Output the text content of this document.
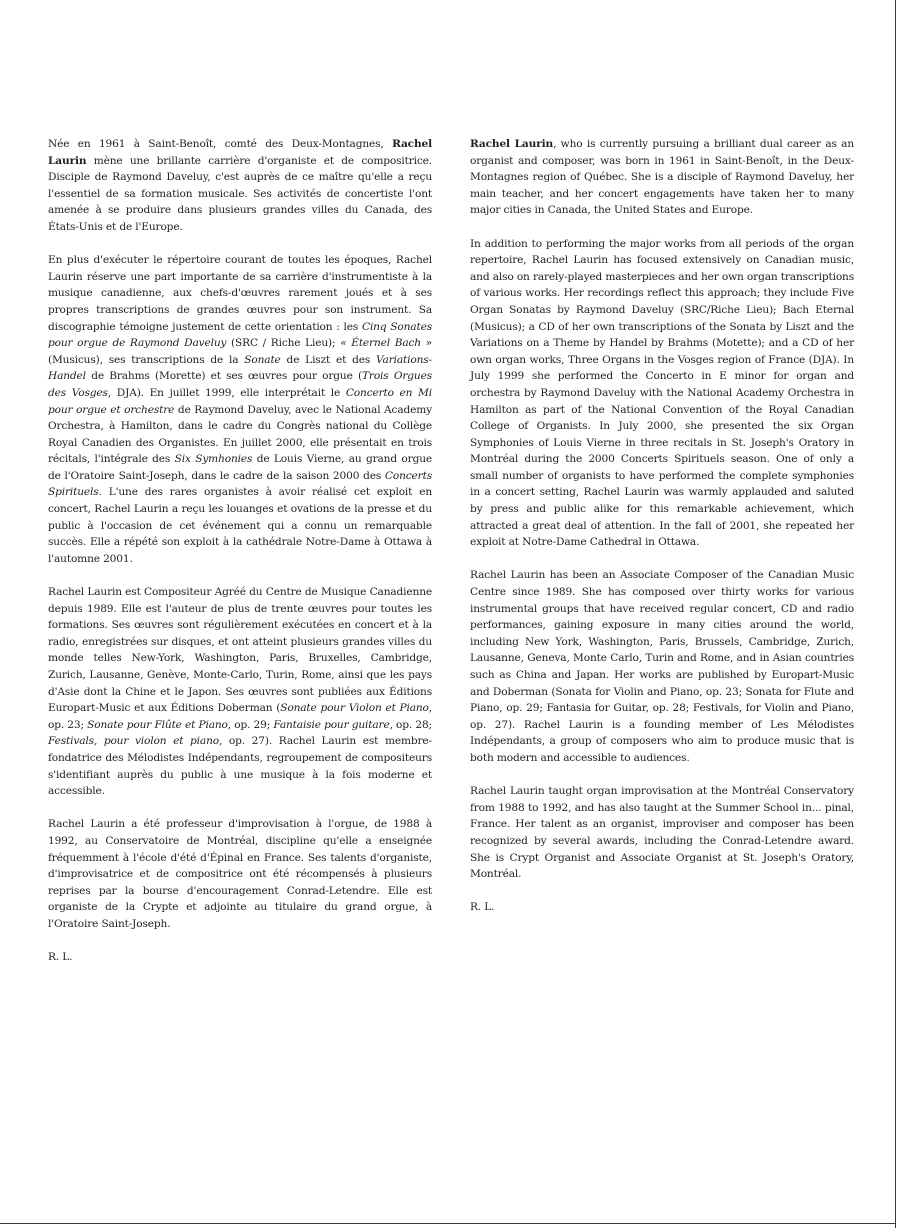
Née en 1961 à Saint-Benoît, comté des Deux-Montagnes, Rachel Laurin mène une brillante carrière d'organiste et de compositrice. Disciple de Raymond Daveluy, c'est auprès de ce maître qu'elle a reçu l'essentiel de sa formation musicale. Ses activités de concertiste l'ont amenée à se produire dans plusieurs grandes villes du Canada, des États-Unis et de l'Europe.

En plus d'exécuter le répertoire courant de toutes les époques, Rachel Laurin réserve une part importante de sa carrière d'instrumentiste à la musique canadienne, aux chefs-d'œuvres rarement joués et à ses propres transcriptions de grandes œuvres pour son instrument. Sa discographie témoigne justement de cette orientation : les Cinq Sonates pour orgue de Raymond Daveluy (SRC / Riche Lieu); « Éternel Bach » (Musicus), ses transcriptions de la Sonate de Liszt et des Variations-Handel de Brahms (Morette) et ses œuvres pour orgue (Trois Orgues des Vosges, DJA). En juillet 1999, elle interprétait le Concerto en Mi pour orgue et orchestre de Raymond Daveluy, avec le National Academy Orchestra, à Hamilton, dans le cadre du Congrès national du Collège Royal Canadien des Organistes. En juillet 2000, elle présentait en trois récitals, l'intégrale des Six Symhonies de Louis Vierne, au grand orgue de l'Oratoire Saint-Joseph, dans le cadre de la saison 2000 des Concerts Spirituels. L'une des rares organistes à avoir réalisé cet exploit en concert, Rachel Laurin a reçu les louanges et ovations de la presse et du public à l'occasion de cet événement qui a connu un remarquable succès. Elle a répété son exploit à la cathédrale Notre-Dame à Ottawa à l'automne 2001.

Rachel Laurin est Compositeur Agréé du Centre de Musique Canadienne depuis 1989. Elle est l'auteur de plus de trente œuvres pour toutes les formations. Ses œuvres sont régulièrement exécutées en concert et à la radio, enregistrées sur disques, et ont atteint plusieurs grandes villes du monde telles New-York, Washington, Paris, Bruxelles, Cambridge, Zurich, Lausanne, Genève, Monte-Carlo, Turin, Rome, ainsi que les pays d'Asie dont la Chine et le Japon. Ses œuvres sont publiées aux Éditions Europart-Music et aux Éditions Doberman (Sonate pour Violon et Piano, op. 23; Sonate pour Flûte et Piano, op. 29; Fantaisie pour guitare, op. 28; Festivals, pour violon et piano, op. 27). Rachel Laurin est membre-fondatrice des Mélodistes Indépendants, regroupement de compositeurs s'identifiant auprès du public à une musique à la fois moderne et accessible.

Rachel Laurin a été professeur d'improvisation à l'orgue, de 1988 à 1992, au Conservatoire de Montréal, discipline qu'elle a enseignée fréquemment à l'école d'été d'Épinal en France. Ses talents d'organiste, d'improvisatrice et de compositrice ont été récompensés à plusieurs reprises par la bourse d'encouragement Conrad-Letendre. Elle est organiste de la Crypte et adjointe au titulaire du grand orgue, à l'Oratoire Saint-Joseph.

R. L.

Rachel Laurin, who is currently pursuing a brilliant dual career as an organist and composer, was born in 1961 in Saint-Benoît, in the Deux-Montagnes region of Québec. She is a disciple of Raymond Daveluy, her main teacher, and her concert engagements have taken her to many major cities in Canada, the United States and Europe.

In addition to performing the major works from all periods of the organ repertoire, Rachel Laurin has focused extensively on Canadian music, and also on rarely-played masterpieces and her own organ transcriptions of various works. Her recordings reflect this approach; they include Five Organ Sonatas by Raymond Daveluy (SRC/Riche Lieu); Bach Eternal (Musicus); a CD of her own transcriptions of the Sonata by Liszt and the Variations on a Theme by Handel by Brahms (Motette); and a CD of her own organ works, Three Organs in the Vosges region of France (DJA). In July 1999 she performed the Concerto in E minor for organ and orchestra by Raymond Daveluy with the National Academy Orchestra in Hamilton as part of the National Convention of the Royal Canadian College of Organists. In July 2000, she presented the six Organ Symphonies of Louis Vierne in three recitals in St. Joseph's Oratory in Montréal during the 2000 Concerts Spirituels season. One of only a small number of organists to have performed the complete symphonies in a concert setting, Rachel Laurin was warmly applauded and saluted by press and public alike for this remarkable achievement, which attracted a great deal of attention. In the fall of 2001, she repeated her exploit at Notre-Dame Cathedral in Ottawa.

Rachel Laurin has been an Associate Composer of the Canadian Music Centre since 1989. She has composed over thirty works for various instrumental groups that have received regular concert, CD and radio performances, gaining exposure in many cities around the world, including New York, Washington, Paris, Brussels, Cambridge, Zurich, Lausanne, Geneva, Monte Carlo, Turin and Rome, and in Asian countries such as China and Japan. Her works are published by Europart-Music and Doberman (Sonata for Violin and Piano, op. 23; Sonata for Flute and Piano, op. 29; Fantasia for Guitar, op. 28; Festivals, for Violin and Piano, op. 27). Rachel Laurin is a founding member of Les Mélodistes Indépendants, a group of composers who aim to produce music that is both modern and accessible to audiences.

Rachel Laurin taught organ improvisation at the Montréal Conservatory from 1988 to 1992, and has also taught at the Summer School in... pinal, France. Her talent as an organist, improviser and composer has been recognized by several awards, including the Conrad-Letendre award. She is Crypt Organist and Associate Organist at St. Joseph's Oratory, Montréal.

R. L.
